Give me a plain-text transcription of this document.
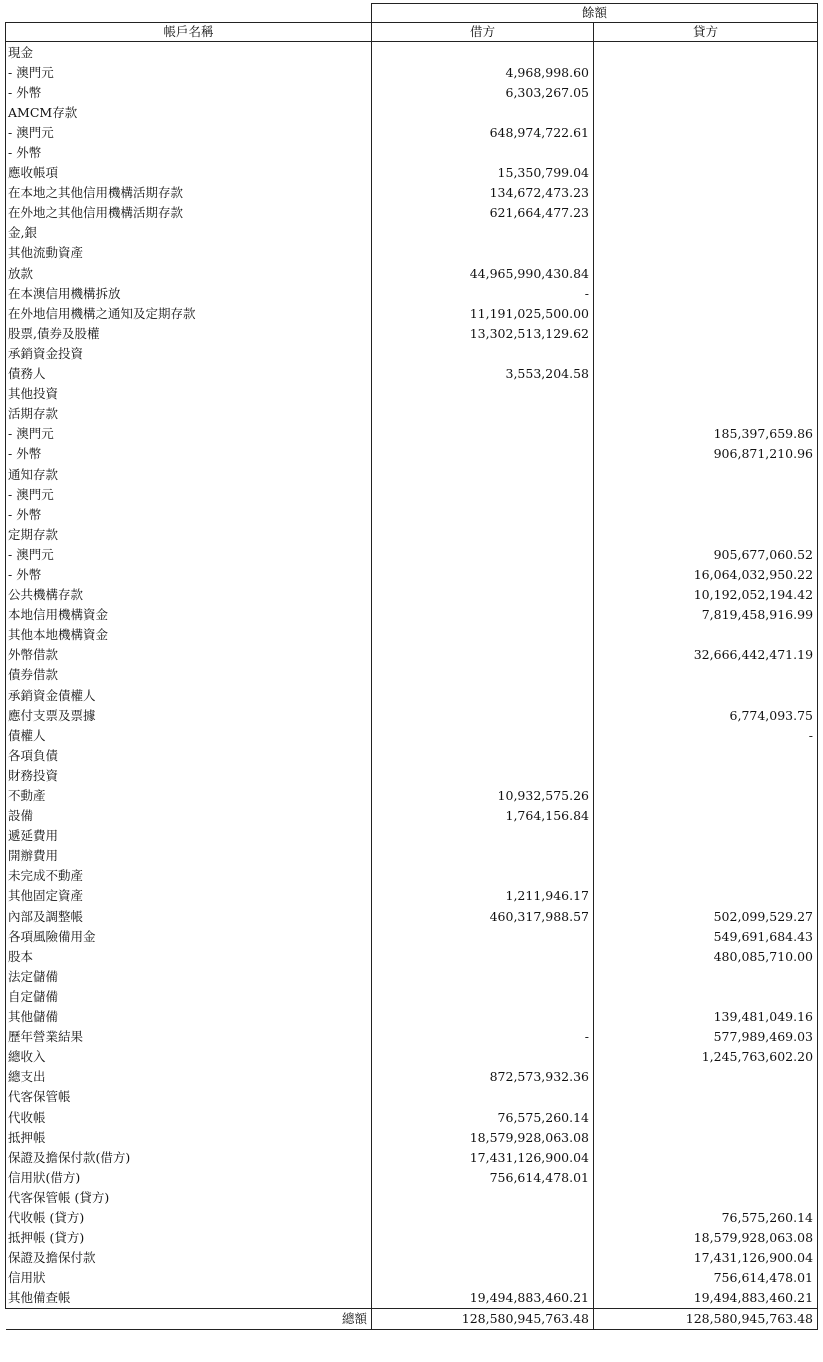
	餘額	
帳戶名稱	借方	貸方
現金		
- 澳門元	4,968,998.60	
- 外幣	6,303,267.05	
AMCM存款		
- 澳門元	648,974,722.61	
- 外幣		
應收帳項	15,350,799.04	
在本地之其他信用機構活期存款	134,672,473.23	
在外地之其他信用機構活期存款	621,664,477.23	
金,銀		
其他流動資產		
放款	44,965,990,430.84	
在本澳信用機構拆放	-	
在外地信用機構之通知及定期存款	11,191,025,500.00	
股票,債券及股權	13,302,513,129.62	
承銷資金投資		
債務人	3,553,204.58	
其他投資		
活期存款		
- 澳門元		185,397,659.86
- 外幣		906,871,210.96
通知存款		
- 澳門元		
- 外幣		
定期存款		
- 澳門元		905,677,060.52
- 外幣		16,064,032,950.22
公共機構存款		10,192,052,194.42
本地信用機構資金		7,819,458,916.99
其他本地機構資金		
外幣借款		32,666,442,471.19
債券借款		
承銷資金債權人		
應付支票及票據		6,774,093.75
債權人		-
各項負債		
財務投資		
不動產	10,932,575.26	
設備	1,764,156.84	
遞延費用		
開辦費用		
未完成不動產		
其他固定資產	1,211,946.17	
內部及調整帳	460,317,988.57	502,099,529.27
各項風險備用金		549,691,684.43
股本		480,085,710.00
法定儲備		
自定儲備		
其他儲備		139,481,049.16
歷年營業結果	-	577,989,469.03
總收入		1,245,763,602.20
總支出	872,573,932.36	
代客保管帳		
代收帳	76,575,260.14	
抵押帳	18,579,928,063.08	
保證及擔保付款(借方)	17,431,126,900.04	
信用狀(借方)	756,614,478.01	
代客保管帳 (貸方)		
代收帳 (貸方)		76,575,260.14
抵押帳 (貸方)		18,579,928,063.08
保證及擔保付款		17,431,126,900.04
信用狀		756,614,478.01
其他備查帳	19,494,883,460.21	19,494,883,460.21
總額	128,580,945,763.48	128,580,945,763.48
